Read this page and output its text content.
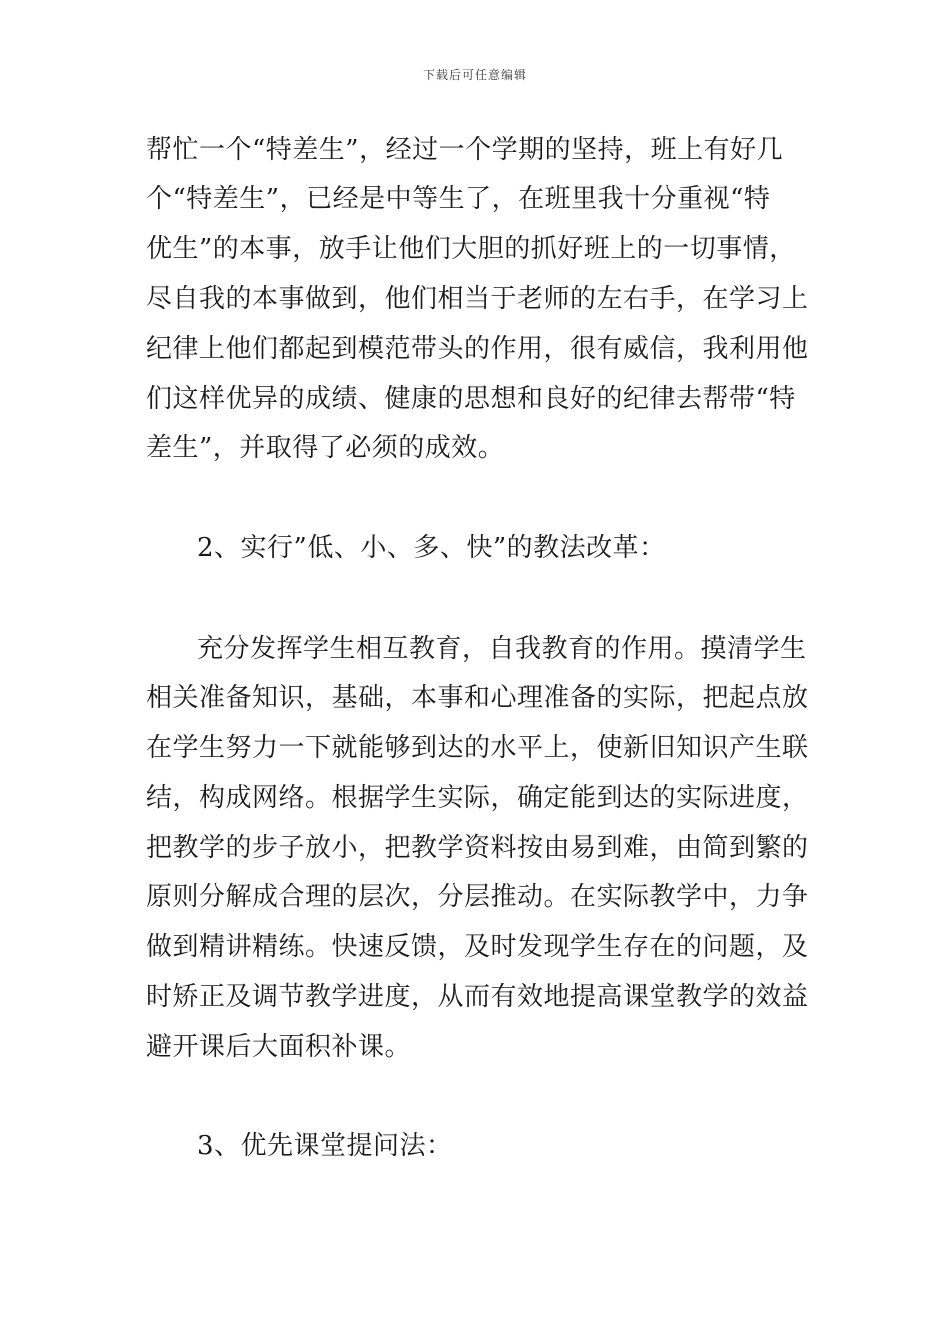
下载后可任意编辑
帮忙一个“特差生”，经过一个学期的坚持，班上有好几
个“特差生”，已经是中等生了，在班里我十分重视“特
优生”的本事，放手让他们大胆的抓好班上的一切事情，
尽自我的本事做到，他们相当于老师的左右手，在学习上
纪律上他们都起到模范带头的作用，很有威信，我利用他
们这样优异的成绩、健康的思想和良好的纪律去帮带“特
差生”，并取得了必须的成效。
2、实行”低、小、多、快”的教法改革：
充分发挥学生相互教育，自我教育的作用。摸清学生
相关准备知识，基础，本事和心理准备的实际，把起点放
在学生努力一下就能够到达的水平上，使新旧知识产生联
结，构成网络。根据学生实际，确定能到达的实际进度，
把教学的步子放小，把教学资料按由易到难，由简到繁的
原则分解成合理的层次，分层推动。在实际教学中，力争
做到精讲精练。快速反馈，及时发现学生存在的问题，及
时矫正及调节教学进度，从而有效地提高课堂教学的效益
避开课后大面积补课。
3、优先课堂提问法：
